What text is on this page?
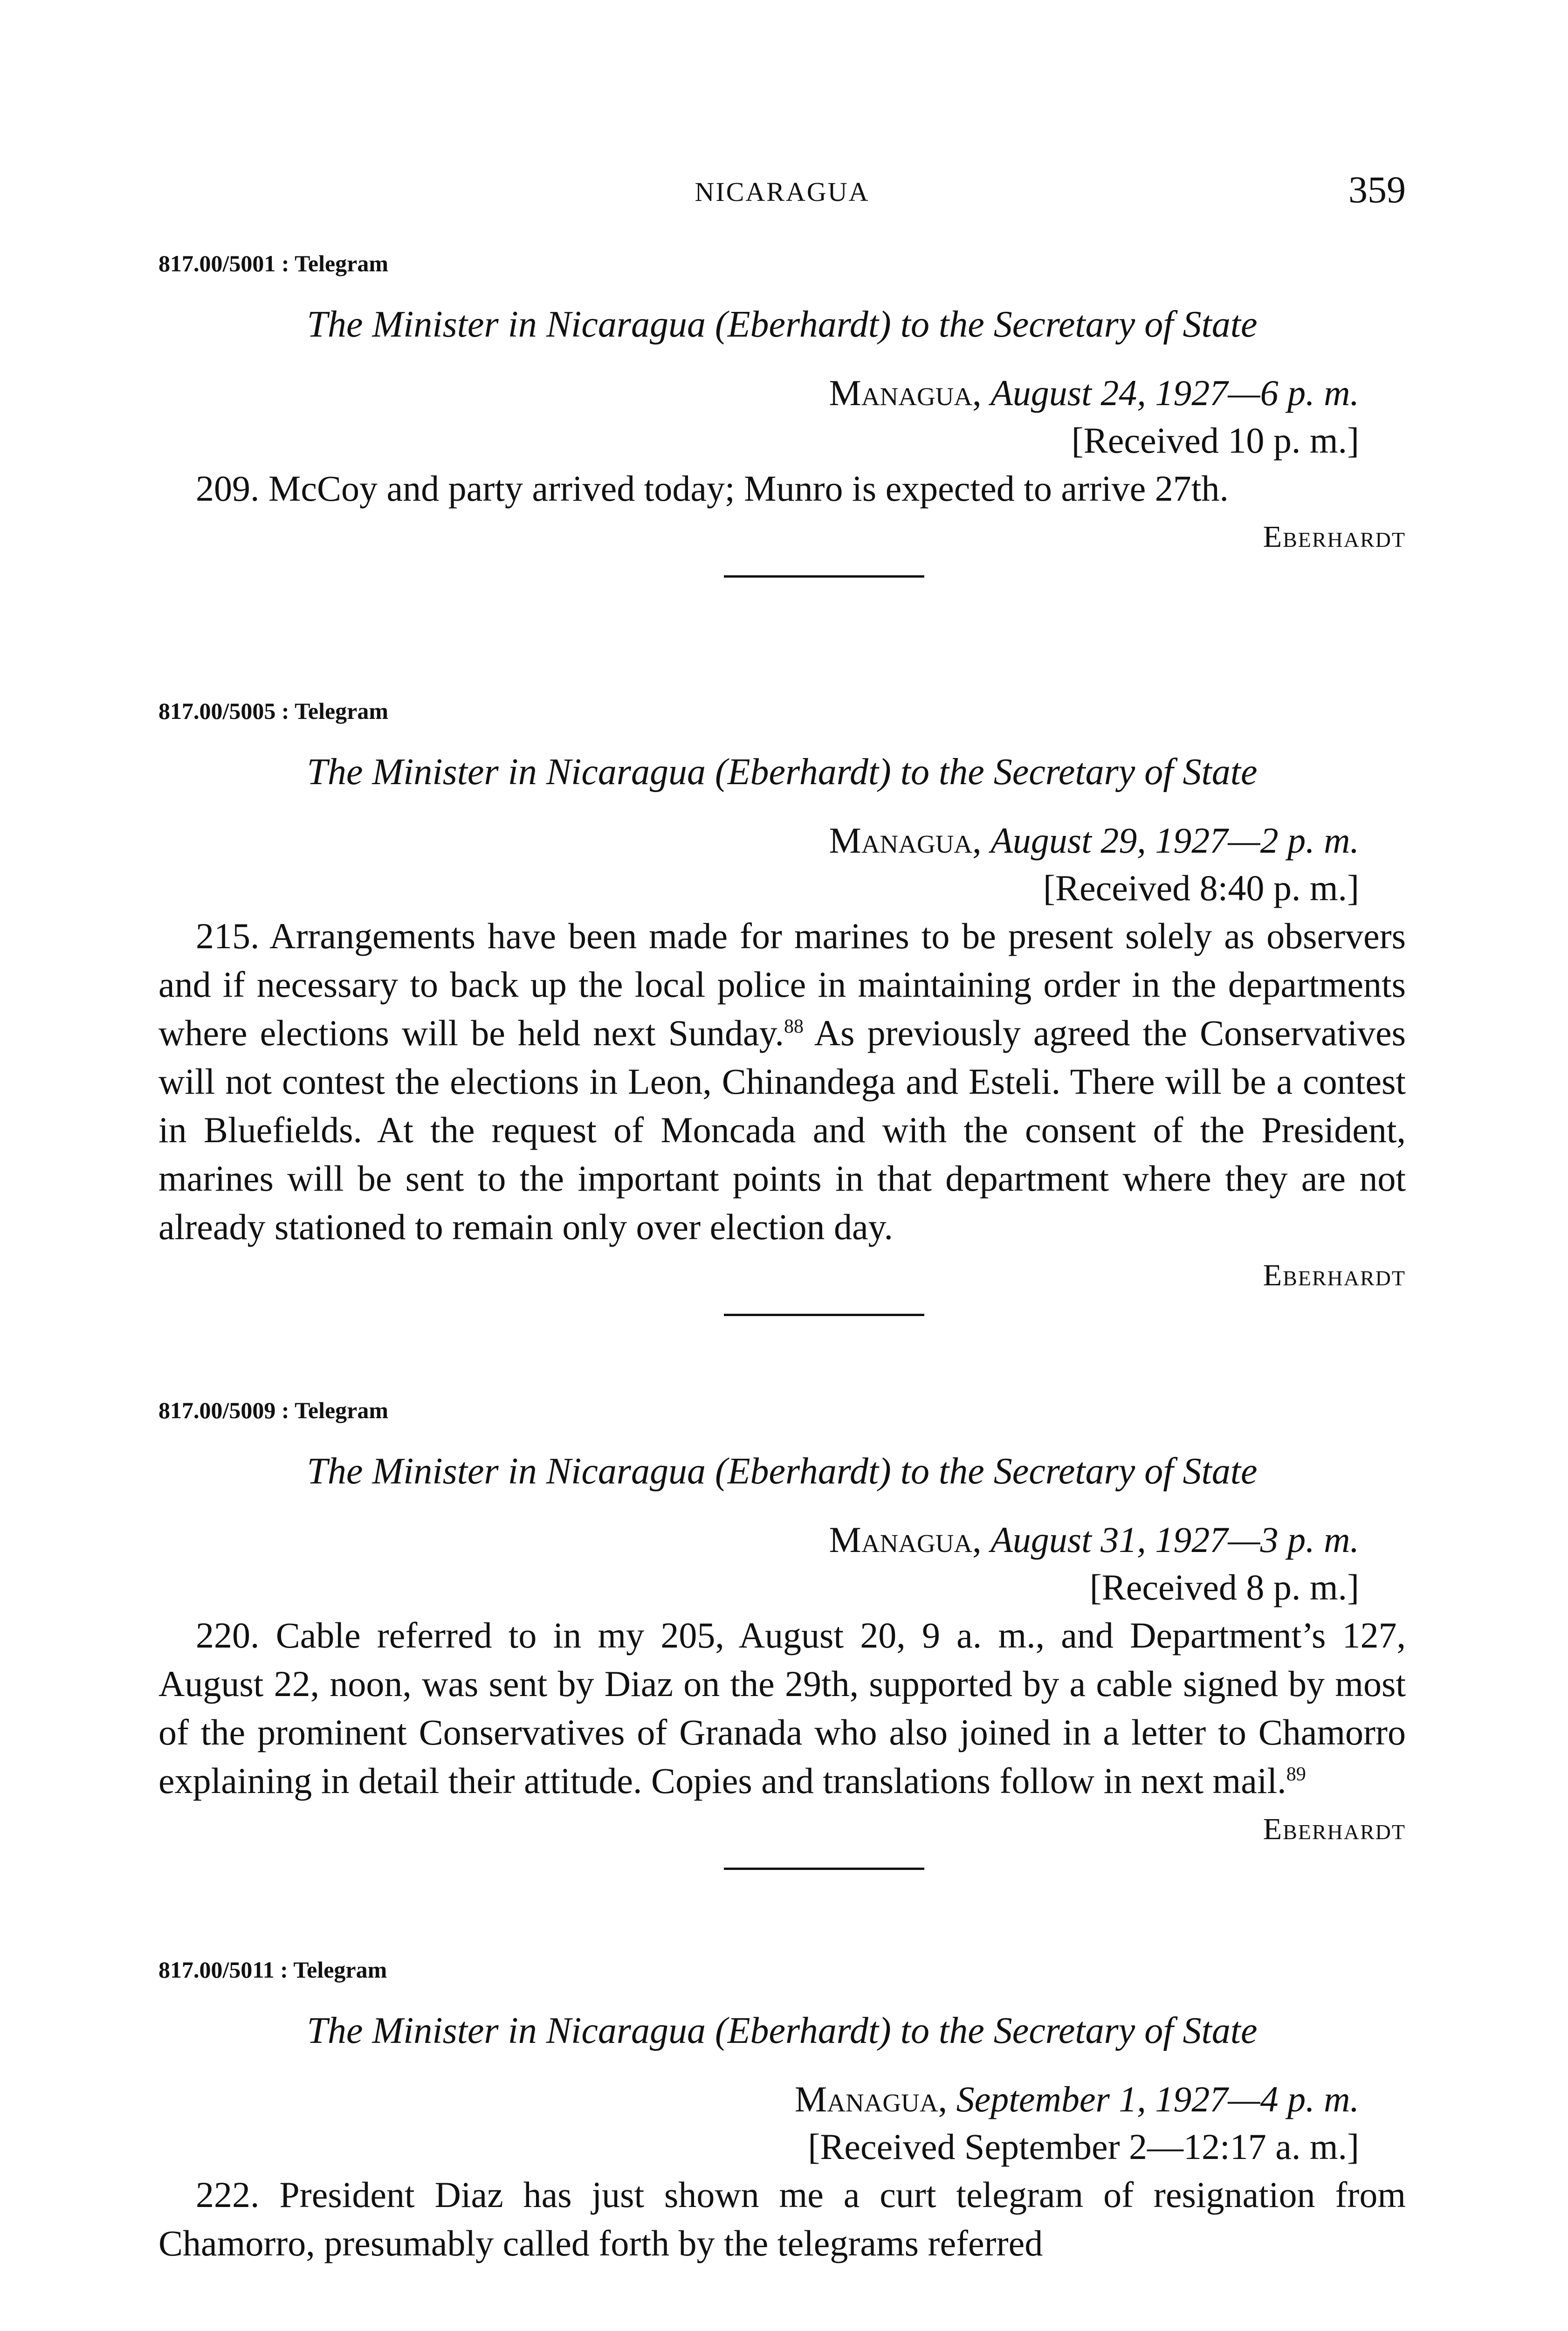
NICARAGUA	359
817.00/5001 : Telegram
The Minister in Nicaragua (Eberhardt) to the Secretary of State
Managua, August 24, 1927—6 p. m.
[Received 10 p. m.]
209. McCoy and party arrived today; Munro is expected to arrive 27th.
Eberhardt
817.00/5005 : Telegram
The Minister in Nicaragua (Eberhardt) to the Secretary of State
Managua, August 29, 1927—2 p. m.
[Received 8:40 p. m.]
215. Arrangements have been made for marines to be present solely as observers and if necessary to back up the local police in maintaining order in the departments where elections will be held next Sunday.$^{88}$ As previously agreed the Conservatives will not contest the elections in Leon, Chinandega and Esteli. There will be a contest in Bluefields. At the request of Moncada and with the consent of the President, marines will be sent to the important points in that department where they are not already stationed to remain only over election day.
Eberhardt
817.00/5009 : Telegram
The Minister in Nicaragua (Eberhardt) to the Secretary of State
Managua, August 31, 1927—3 p. m.
[Received 8 p. m.]
220. Cable referred to in my 205, August 20, 9 a. m., and Department’s 127, August 22, noon, was sent by Diaz on the 29th, supported by a cable signed by most of the prominent Conservatives of Granada who also joined in a letter to Chamorro explaining in detail their attitude. Copies and translations follow in next mail.$^{89}$
Eberhardt
817.00/5011 : Telegram
The Minister in Nicaragua (Eberhardt) to the Secretary of State
Managua, September 1, 1927—4 p. m.
[Received September 2—12:17 a. m.]
222. President Diaz has just shown me a curt telegram of resignation from Chamorro, presumably called forth by the telegrams referred
